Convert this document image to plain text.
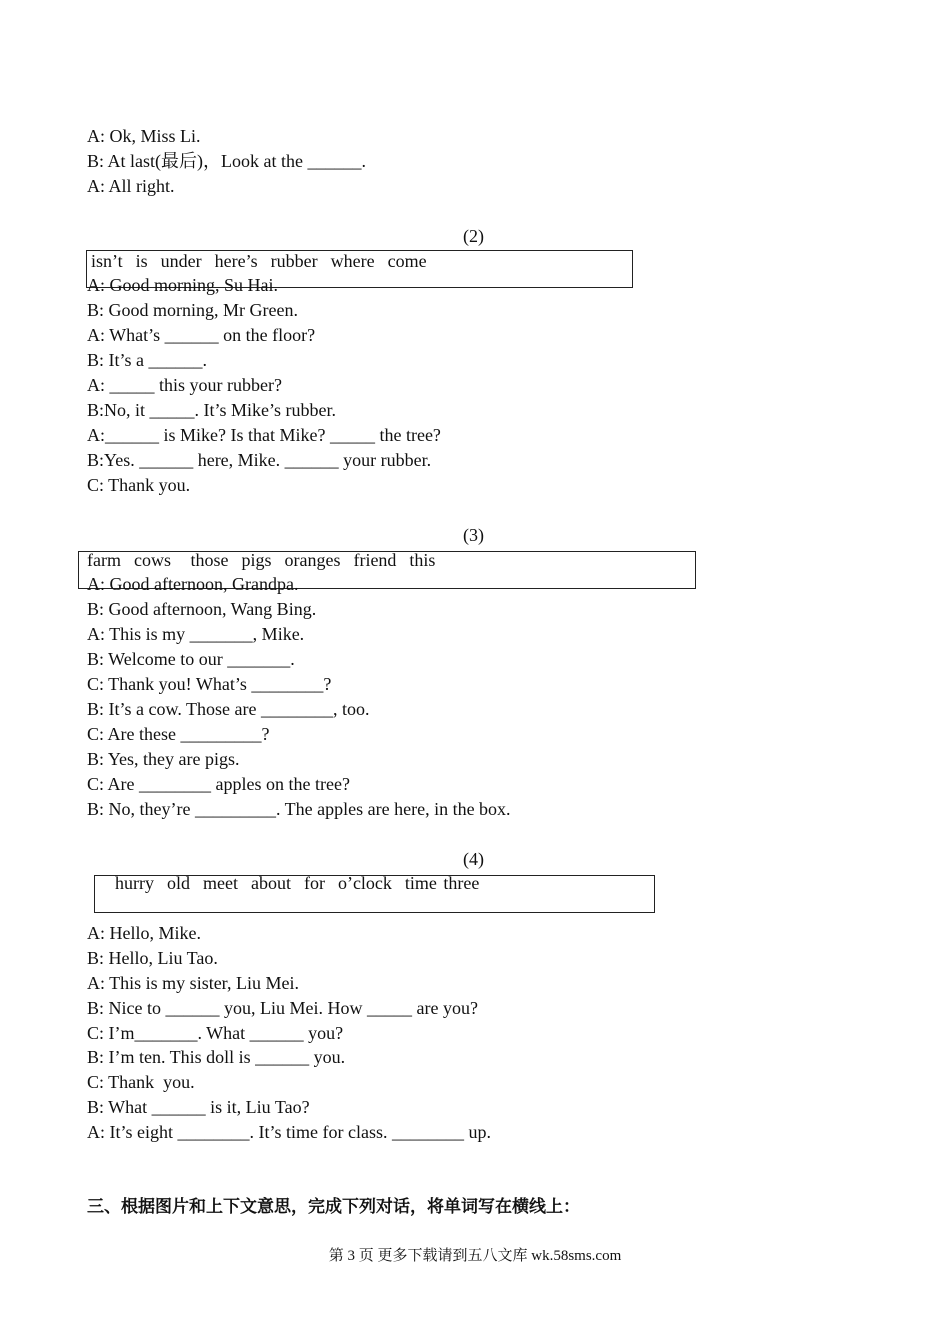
A: Ok, Miss Li.
B: At last(最后)，Look at the ______.
A: All right.
(2)
isn’t  is  under  here’s  rubber  where  come
A: Good morning, Su Hai.
B: Good morning, Mr Green.
A: What’s ______ on the floor?
B: It’s a ______.
A: _____ this your rubber?
B:No, it _____. It’s Mike’s rubber.
A:______ is Mike? Is that Mike? _____ the tree?
B:Yes. ______ here, Mike. ______ your rubber.
C: Thank you.
(3)
farm  cows   those  pigs  oranges  friend  this
A: Good afternoon, Grandpa.
B: Good afternoon, Wang Bing.
A: This is my _______, Mike.
B: Welcome to our _______.
C: Thank you! What’s ________?
B: It’s a cow. Those are ________, too.
C: Are these _________?
B: Yes, they are pigs.
C: Are ________ apples on the tree?
B: No, they’re _________. The apples are here, in the box.
(4)
hurry  old  meet  about  for  o’clock  time three
A: Hello, Mike.
B: Hello, Liu Tao.
A: This is my sister, Liu Mei.
B: Nice to ______ you, Liu Mei. How _____ are you?
C: I’m_______. What ______ you?
B: I’m ten. This doll is ______ you.
C: Thank  you.
B: What ______ is it, Liu Tao?
A: It’s eight ________. It’s time for class. ________ up.
三、根据图片和上下文意思，完成下列对话，将单词写在横线上：
第 3 页 更多下载请到五八文库 wk.58sms.com
